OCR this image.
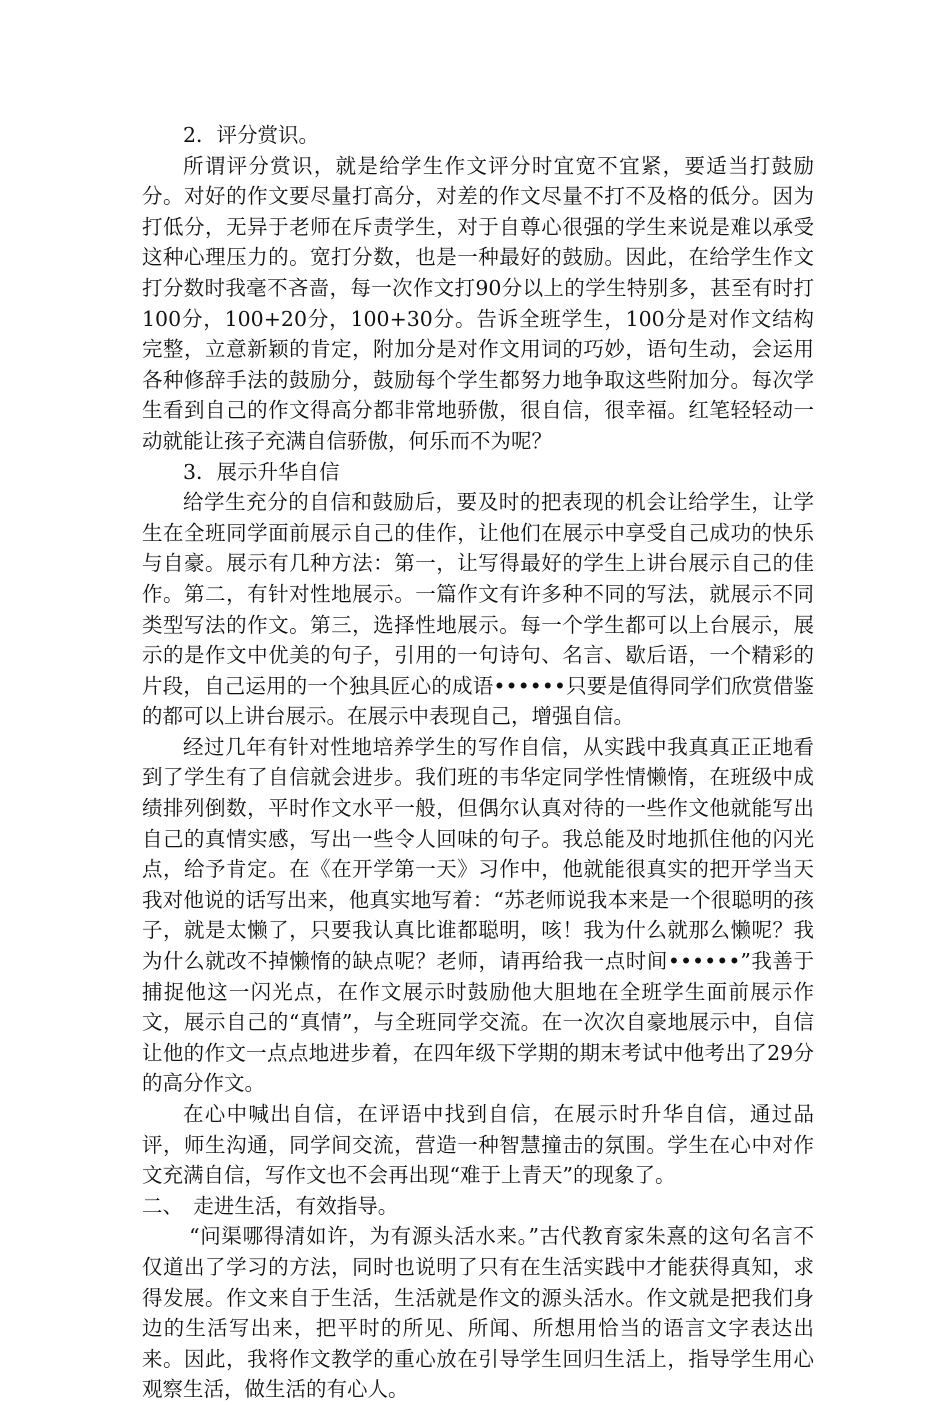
2．评分赏识。

所谓评分赏识，就是给学生作文评分时宜宽不宜紧，要适当打鼓励分。对好的作文要尽量打高分，对差的作文尽量不打不及格的低分。因为打低分，无异于老师在斥责学生，对于自尊心很强的学生来说是难以承受这种心理压力的。宽打分数，也是一种最好的鼓励。因此，在给学生作文打分数时我毫不吝啬，每一次作文打90分以上的学生特别多，甚至有时打100分，100+20分，100+30分。告诉全班学生，100分是对作文结构完整，立意新颖的肯定，附加分是对作文用词的巧妙，语句生动，会运用各种修辞手法的鼓励分，鼓励每个学生都努力地争取这些附加分。每次学生看到自己的作文得高分都非常地骄傲，很自信，很幸福。红笔轻轻动一动就能让孩子充满自信骄傲，何乐而不为呢？

3．展示升华自信

给学生充分的自信和鼓励后，要及时的把表现的机会让给学生，让学生在全班同学面前展示自己的佳作，让他们在展示中享受自己成功的快乐与自豪。展示有几种方法：第一，让写得最好的学生上讲台展示自己的佳作。第二，有针对性地展示。一篇作文有许多种不同的写法，就展示不同类型写法的作文。第三，选择性地展示。每一个学生都可以上台展示，展示的是作文中优美的句子，引用的一句诗句、名言、歇后语，一个精彩的片段，自己运用的一个独具匠心的成语••••••只要是值得同学们欣赏借鉴的都可以上讲台展示。在展示中表现自己，增强自信。

经过几年有针对性地培养学生的写作自信，从实践中我真真正正地看到了学生有了自信就会进步。我们班的韦华定同学性情懒惰，在班级中成绩排列倒数，平时作文水平一般，但偶尔认真对待的一些作文他就能写出自己的真情实感，写出一些令人回味的句子。我总能及时地抓住他的闪光点，给予肯定。在《在开学第一天》习作中，他就能很真实的把开学当天我对他说的话写出来，他真实地写着：“苏老师说我本来是一个很聪明的孩子，就是太懒了，只要我认真比谁都聪明，咳！我为什么就那么懒呢？我为什么就改不掉懒惰的缺点呢？老师，请再给我一点时间••••••”我善于捕捉他这一闪光点，在作文展示时鼓励他大胆地在全班学生面前展示作文，展示自己的“真情”，与全班同学交流。在一次次自豪地展示中，自信让他的作文一点点地进步着，在四年级下学期的期末考试中他考出了29分的高分作文。

在心中喊出自信，在评语中找到自信，在展示时升华自信，通过品评，师生沟通，同学间交流，营造一种智慧撞击的氛围。学生在心中对作文充满自信，写作文也不会再出现“难于上青天”的现象了。

二、　走进生活，有效指导。

“问渠哪得清如许，为有源头活水来。”古代教育家朱熹的这句名言不仅道出了学习的方法，同时也说明了只有在生活实践中才能获得真知，求得发展。作文来自于生活，生活就是作文的源头活水。作文就是把我们身边的生活写出来，把平时的所见、所闻、所想用恰当的语言文字表达出来。因此，我将作文教学的重心放在引导学生回归生活上，指导学生用心观察生活，做生活的有心人。
